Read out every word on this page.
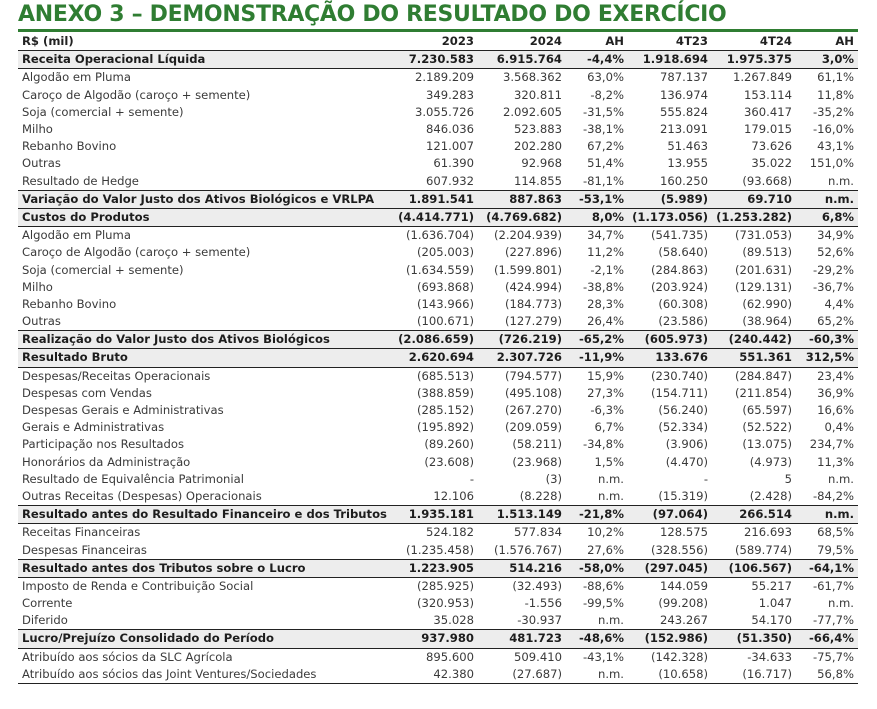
ANEXO 3 – DEMONSTRAÇÃO DO RESULTADO DO EXERCÍCIO
R$ (mil)	2023	2024	AH	4T23	4T24	AH
Receita Operacional Líquida	7.230.583	6.915.764	-4,4%	1.918.694	1.975.375	3,0%
Algodão em Pluma	2.189.209	3.568.362	63,0%	787.137	1.267.849	61,1%
Caroço de Algodão (caroço + semente)	349.283	320.811	-8,2%	136.974	153.114	11,8%
Soja (comercial + semente)	3.055.726	2.092.605	-31,5%	555.824	360.417	-35,2%
Milho	846.036	523.883	-38,1%	213.091	179.015	-16,0%
Rebanho Bovino	121.007	202.280	67,2%	51.463	73.626	43,1%
Outras	61.390	92.968	51,4%	13.955	35.022	151,0%
Resultado de Hedge	607.932	114.855	-81,1%	160.250	(93.668)	n.m.
Variação do Valor Justo dos Ativos Biológicos e VRLPA	1.891.541	887.863	-53,1%	(5.989)	69.710	n.m.
Custos do Produtos	(4.414.771)	(4.769.682)	8,0%	(1.173.056)	(1.253.282)	6,8%
Algodão em Pluma	(1.636.704)	(2.204.939)	34,7%	(541.735)	(731.053)	34,9%
Caroço de Algodão (caroço + semente)	(205.003)	(227.896)	11,2%	(58.640)	(89.513)	52,6%
Soja (comercial + semente)	(1.634.559)	(1.599.801)	-2,1%	(284.863)	(201.631)	-29,2%
Milho	(693.868)	(424.994)	-38,8%	(203.924)	(129.131)	-36,7%
Rebanho Bovino	(143.966)	(184.773)	28,3%	(60.308)	(62.990)	4,4%
Outras	(100.671)	(127.279)	26,4%	(23.586)	(38.964)	65,2%
Realização do Valor Justo dos Ativos Biológicos	(2.086.659)	(726.219)	-65,2%	(605.973)	(240.442)	-60,3%
Resultado Bruto	2.620.694	2.307.726	-11,9%	133.676	551.361	312,5%
Despesas/Receitas Operacionais	(685.513)	(794.577)	15,9%	(230.740)	(284.847)	23,4%
Despesas com Vendas	(388.859)	(495.108)	27,3%	(154.711)	(211.854)	36,9%
Despesas Gerais e Administrativas	(285.152)	(267.270)	-6,3%	(56.240)	(65.597)	16,6%
Gerais e Administrativas	(195.892)	(209.059)	6,7%	(52.334)	(52.522)	0,4%
Participação nos Resultados	(89.260)	(58.211)	-34,8%	(3.906)	(13.075)	234,7%
Honorários da Administração	(23.608)	(23.968)	1,5%	(4.470)	(4.973)	11,3%
Resultado de Equivalência Patrimonial	-	(3)	n.m.	-	5	n.m.
Outras Receitas (Despesas) Operacionais	12.106	(8.228)	n.m.	(15.319)	(2.428)	-84,2%
Resultado antes do Resultado Financeiro e dos Tributos	1.935.181	1.513.149	-21,8%	(97.064)	266.514	n.m.
Receitas Financeiras	524.182	577.834	10,2%	128.575	216.693	68,5%
Despesas Financeiras	(1.235.458)	(1.576.767)	27,6%	(328.556)	(589.774)	79,5%
Resultado antes dos Tributos sobre o Lucro	1.223.905	514.216	-58,0%	(297.045)	(106.567)	-64,1%
Imposto de Renda e Contribuição Social	(285.925)	(32.493)	-88,6%	144.059	55.217	-61,7%
Corrente	(320.953)	-1.556	-99,5%	(99.208)	1.047	n.m.
Diferido	35.028	-30.937	n.m.	243.267	54.170	-77,7%
Lucro/Prejuízo Consolidado do Período	937.980	481.723	-48,6%	(152.986)	(51.350)	-66,4%
Atribuído aos sócios da SLC Agrícola	895.600	509.410	-43,1%	(142.328)	-34.633	-75,7%
Atribuído aos sócios das Joint Ventures/Sociedades	42.380	(27.687)	n.m.	(10.658)	(16.717)	56,8%
